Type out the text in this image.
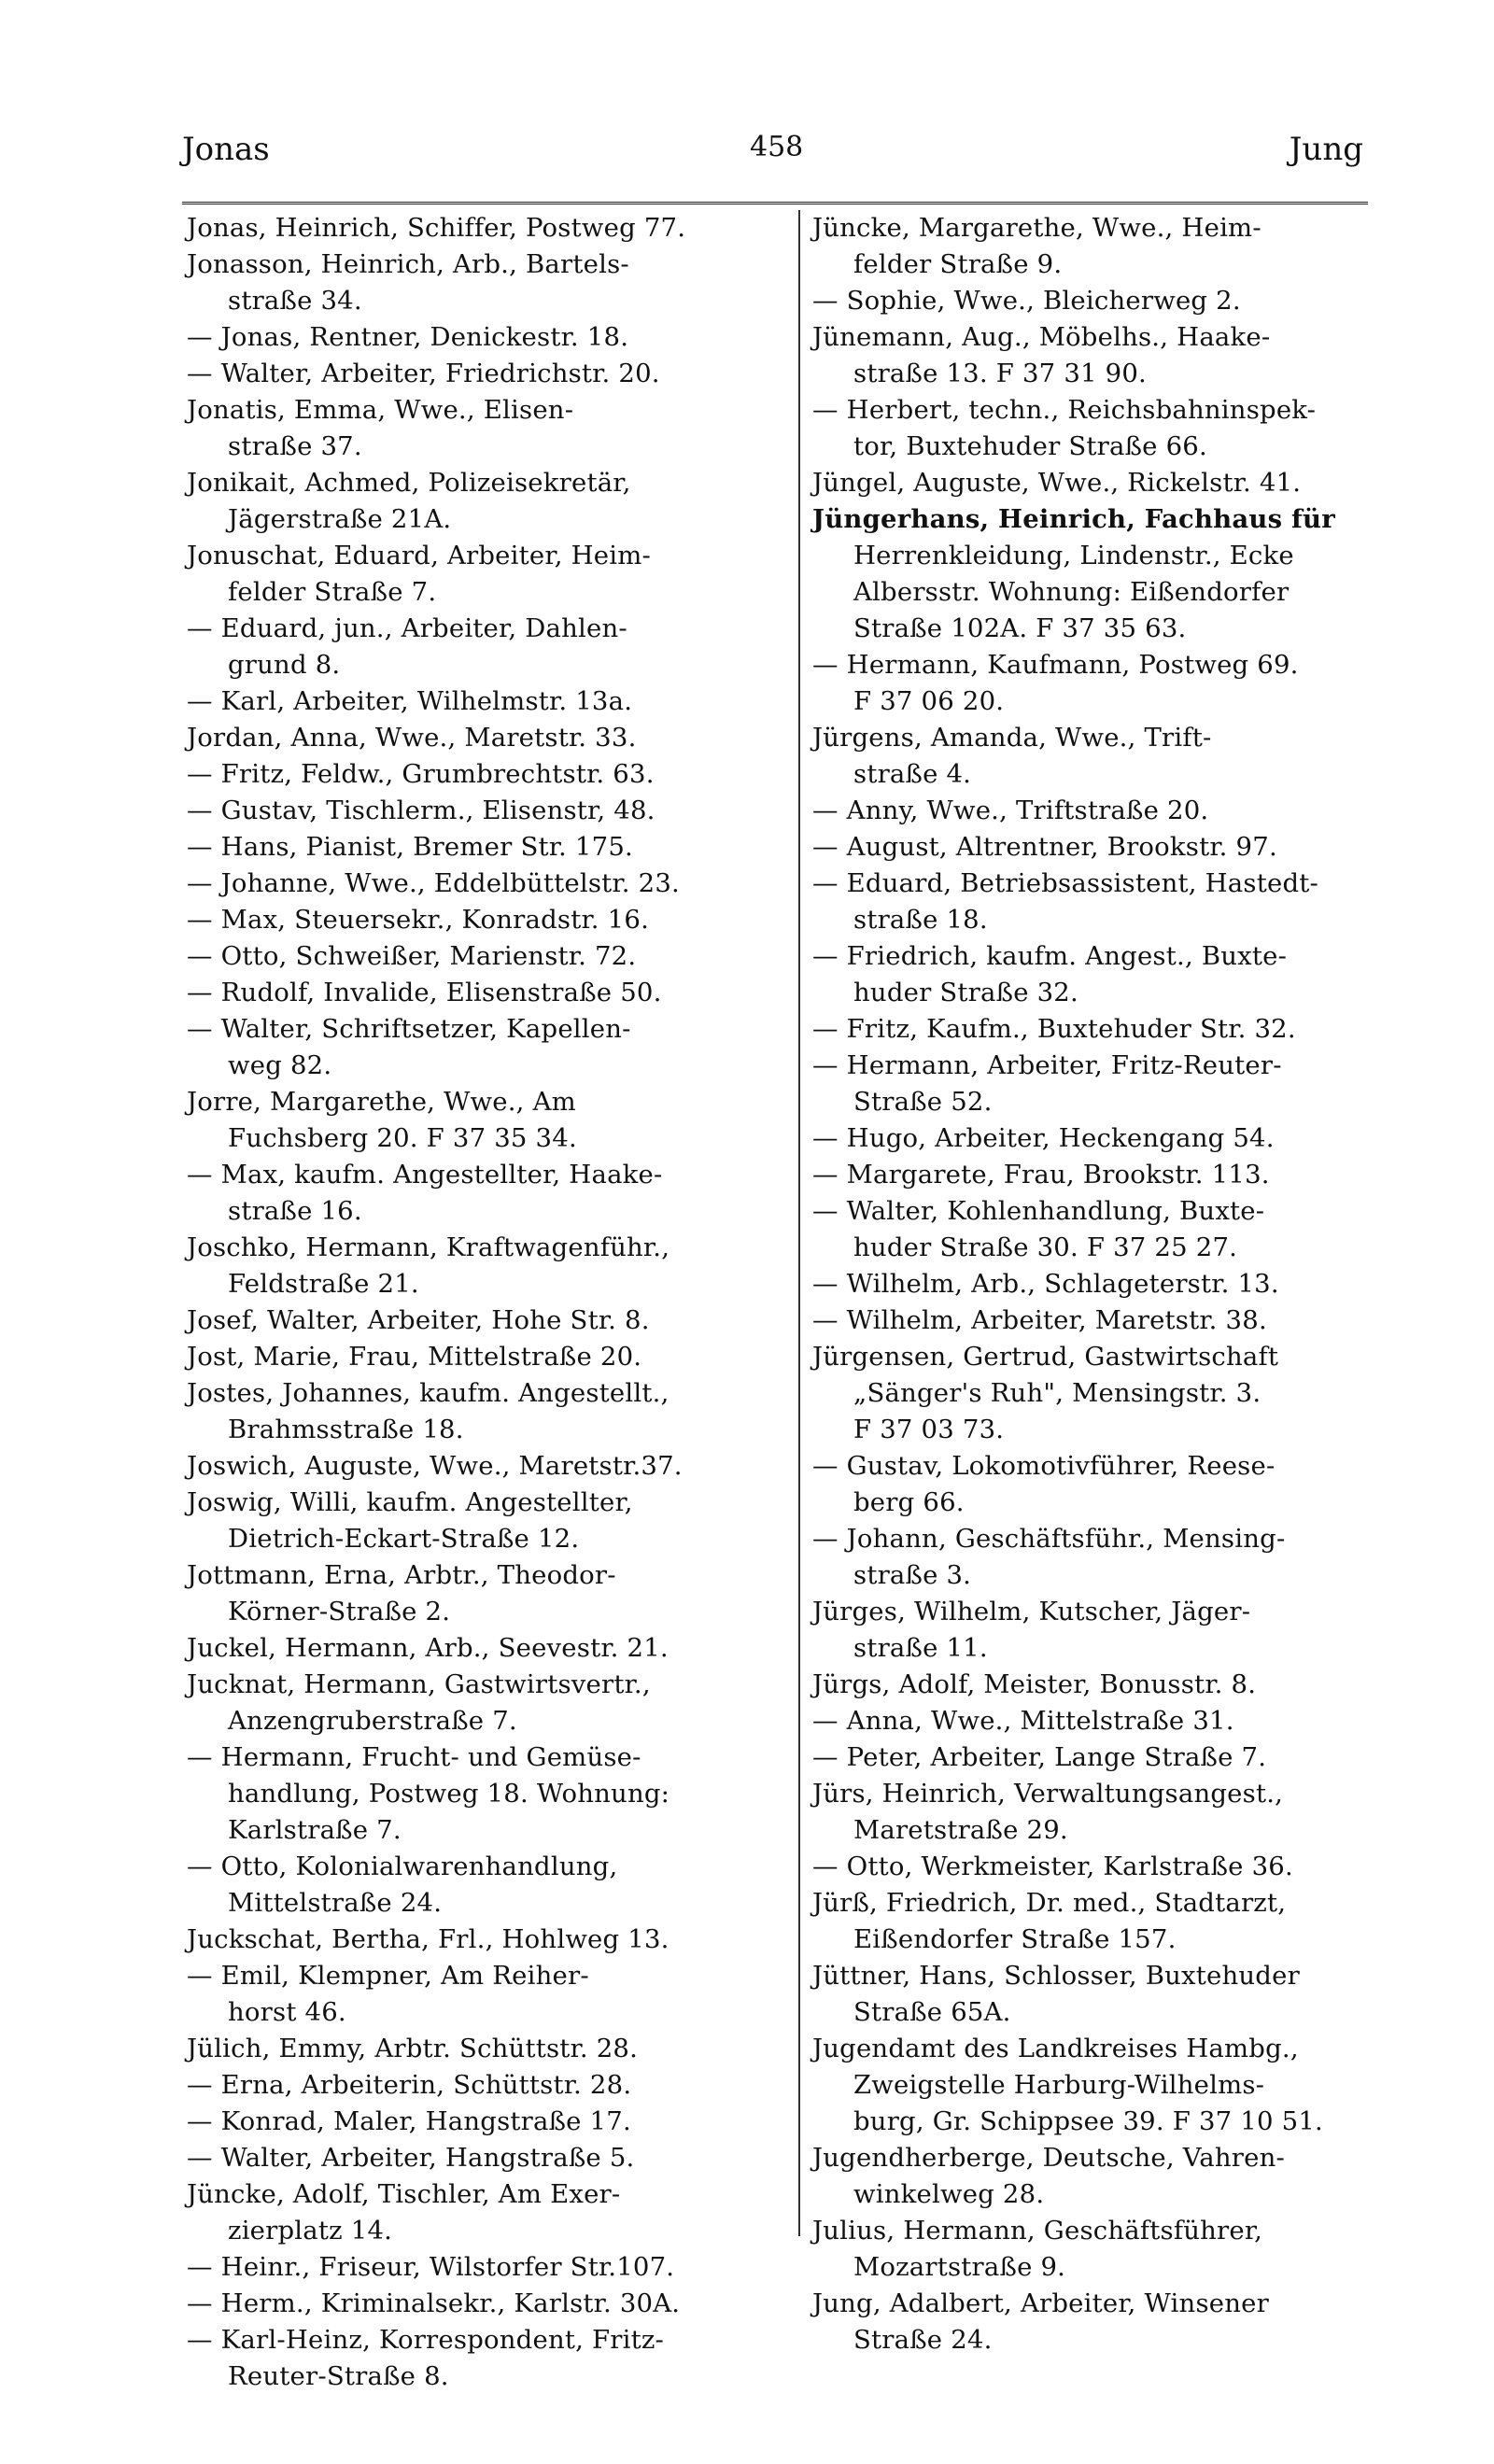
Jonas	458	Jung
Jonas, Heinrich, Schiffer, Postweg 77.
Jonasson, Heinrich, Arb., Bartels-
straße 34.
— Jonas, Rentner, Denickestr. 18.
— Walter, Arbeiter, Friedrichstr. 20.
Jonatis, Emma, Wwe., Elisen-
straße 37.
Jonikait, Achmed, Polizeisekretär,
Jägerstraße 21A.
Jonuschat, Eduard, Arbeiter, Heim-
felder Straße 7.
— Eduard, jun., Arbeiter, Dahlen-
grund 8.
— Karl, Arbeiter, Wilhelmstr. 13a.
Jordan, Anna, Wwe., Maretstr. 33.
— Fritz, Feldw., Grumbrechtstr. 63.
— Gustav, Tischlerm., Elisenstr, 48.
— Hans, Pianist, Bremer Str. 175.
— Johanne, Wwe., Eddelbüttelstr. 23.
— Max, Steuersekr., Konradstr. 16.
— Otto, Schweißer, Marienstr. 72.
— Rudolf, Invalide, Elisenstraße 50.
— Walter, Schriftsetzer, Kapellen-
weg 82.
Jorre, Margarethe, Wwe., Am
Fuchsberg 20. F 37 35 34.
— Max, kaufm. Angestellter, Haake-
straße 16.
Joschko, Hermann, Kraftwagenführ.,
Feldstraße 21.
Josef, Walter, Arbeiter, Hohe Str. 8.
Jost, Marie, Frau, Mittelstraße 20.
Jostes, Johannes, kaufm. Angestellt.,
Brahmsstraße 18.
Joswich, Auguste, Wwe., Maretstr.37.
Joswig, Willi, kaufm. Angestellter,
Dietrich-Eckart-Straße 12.
Jottmann, Erna, Arbtr., Theodor-
Körner-Straße 2.
Juckel, Hermann, Arb., Seevestr. 21.
Jucknat, Hermann, Gastwirtsvertr.,
Anzengruberstraße 7.
— Hermann, Frucht- und Gemüse-
handlung, Postweg 18. Wohnung:
Karlstraße 7.
— Otto, Kolonialwarenhandlung,
Mittelstraße 24.
Juckschat, Bertha, Frl., Hohlweg 13.
— Emil, Klempner, Am Reiher-
horst 46.
Jülich, Emmy, Arbtr. Schüttstr. 28.
— Erna, Arbeiterin, Schüttstr. 28.
— Konrad, Maler, Hangstraße 17.
— Walter, Arbeiter, Hangstraße 5.
Jüncke, Adolf, Tischler, Am Exer-
zierplatz 14.
— Heinr., Friseur, Wilstorfer Str.107.
— Herm., Kriminalsekr., Karlstr. 30A.
— Karl-Heinz, Korrespondent, Fritz-
Reuter-Straße 8.
Jüncke, Margarethe, Wwe., Heim-
felder Straße 9.
— Sophie, Wwe., Bleicherweg 2.
Jünemann, Aug., Möbelhs., Haake-
straße 13. F 37 31 90.
— Herbert, techn., Reichsbahninspek-
tor, Buxtehuder Straße 66.
Jüngel, Auguste, Wwe., Rickelstr. 41.
Jüngerhans, Heinrich, Fachhaus für
Herrenkleidung, Lindenstr., Ecke
Albersstr. Wohnung: Eißendorfer
Straße 102A. F 37 35 63.
— Hermann, Kaufmann, Postweg 69.
F 37 06 20.
Jürgens, Amanda, Wwe., Trift-
straße 4.
— Anny, Wwe., Triftstraße 20.
— August, Altrentner, Brookstr. 97.
— Eduard, Betriebsassistent, Hastedt-
straße 18.
— Friedrich, kaufm. Angest., Buxte-
huder Straße 32.
— Fritz, Kaufm., Buxtehuder Str. 32.
— Hermann, Arbeiter, Fritz-Reuter-
Straße 52.
— Hugo, Arbeiter, Heckengang 54.
— Margarete, Frau, Brookstr. 113.
— Walter, Kohlenhandlung, Buxte-
huder Straße 30. F 37 25 27.
— Wilhelm, Arb., Schlageterstr. 13.
— Wilhelm, Arbeiter, Maretstr. 38.
Jürgensen, Gertrud, Gastwirtschaft
„Sänger's Ruh", Mensingstr. 3.
F 37 03 73.
— Gustav, Lokomotivführer, Reese-
berg 66.
— Johann, Geschäftsführ., Mensing-
straße 3.
Jürges, Wilhelm, Kutscher, Jäger-
straße 11.
Jürgs, Adolf, Meister, Bonusstr. 8.
— Anna, Wwe., Mittelstraße 31.
— Peter, Arbeiter, Lange Straße 7.
Jürs, Heinrich, Verwaltungsangest.,
Maretstraße 29.
— Otto, Werkmeister, Karlstraße 36.
Jürß, Friedrich, Dr. med., Stadtarzt,
Eißendorfer Straße 157.
Jüttner, Hans, Schlosser, Buxtehuder
Straße 65A.
Jugendamt des Landkreises Hambg.,
Zweigstelle Harburg-Wilhelms-
burg, Gr. Schippsee 39. F 37 10 51.
Jugendherberge, Deutsche, Vahren-
winkelweg 28.
Julius, Hermann, Geschäftsführer,
Mozartstraße 9.
Jung, Adalbert, Arbeiter, Winsener
Straße 24.
